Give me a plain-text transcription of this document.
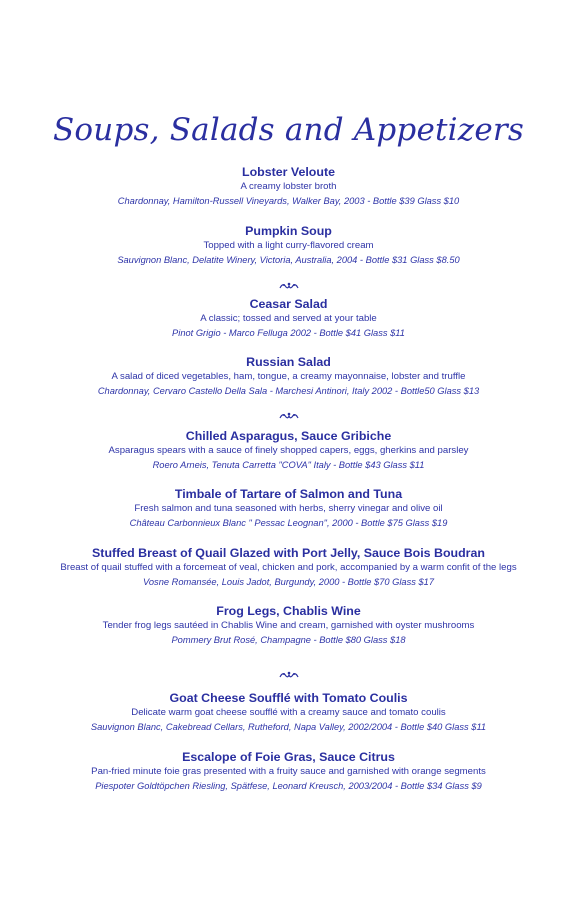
Soups, Salads and Appetizers
Lobster Veloute
A creamy lobster broth
Chardonnay, Hamilton-Russell Vineyards, Walker Bay, 2003 - Bottle $39 Glass $10
Pumpkin Soup
Topped with a light curry-flavored cream
Sauvignon Blanc, Delatite Winery, Victoria, Australia, 2004 - Bottle $31 Glass $8.50
Ceasar Salad
A classic; tossed and served at your table
Pinot Grigio - Marco Felluga 2002 - Bottle $41 Glass $11
Russian Salad
A salad of diced vegetables, ham, tongue, a creamy mayonnaise, lobster and truffle
Chardonnay, Cervaro Castello Della Sala - Marchesi Antinori, Italy 2002 - Bottle50 Glass $13
Chilled Asparagus, Sauce Gribiche
Asparagus spears with a sauce of finely shopped capers, eggs, gherkins and parsley
Roero Arneis, Tenuta Carretta "COVA" Italy - Bottle $43 Glass $11
Timbale of Tartare of Salmon and Tuna
Fresh salmon and tuna seasoned with herbs, sherry vinegar and olive oil
Château Carbonnieux Blanc " Pessac Leognan", 2000 - Bottle $75 Glass $19
Stuffed Breast of Quail Glazed with Port Jelly, Sauce Bois Boudran
Breast of quail stuffed with a forcemeat of veal, chicken and pork, accompanied by a warm confit of the legs
Vosne Romansée, Louis Jadot, Burgundy, 2000 - Bottle $70 Glass $17
Frog Legs, Chablis Wine
Tender frog legs sautéed in Chablis Wine and cream, garnished with oyster mushrooms
Pommery Brut Rosé, Champagne - Bottle $80 Glass $18
Goat Cheese Soufflé with Tomato Coulis
Delicate warm goat cheese soufflé with a creamy sauce and tomato coulis
Sauvignon Blanc, Cakebread Cellars, Rutheford, Napa Valley, 2002/2004 - Bottle $40 Glass $11
Escalope of Foie Gras, Sauce Citrus
Pan-fried minute foie gras presented with a fruity sauce and garnished with orange segments
Piespoter Goldtöpchen Riesling, Spätfese, Leonard Kreusch, 2003/2004 - Bottle $34 Glass $9
